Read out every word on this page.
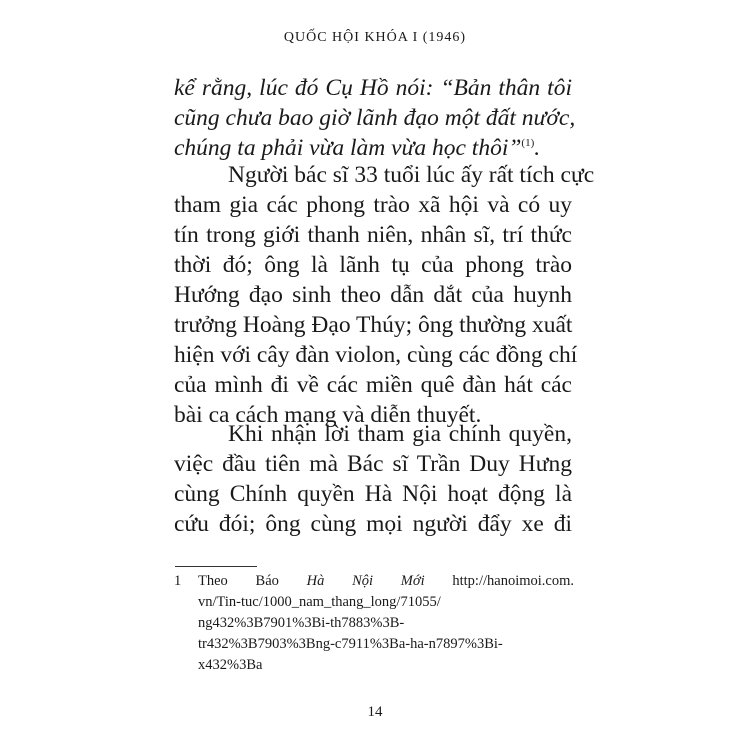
QUỐC HỘI KHÓA I (1946)
kể rằng, lúc đó Cụ Hồ nói: “Bản thân tôi
cũng chưa bao giờ lãnh đạo một đất nước,
chúng ta phải vừa làm vừa học thôi”$^{(1)}$.
Người bác sĩ 33 tuổi lúc ấy rất tích cực
tham gia các phong trào xã hội và có uy
tín trong giới thanh niên, nhân sĩ, trí thức
thời đó; ông là lãnh tụ của phong trào
Hướng đạo sinh theo dẫn dắt của huynh
trưởng Hoàng Đạo Thúy; ông thường xuất
hiện với cây đàn violon, cùng các đồng chí
của mình đi về các miền quê đàn hát các
bài ca cách mạng và diễn thuyết.
Khi nhận lời tham gia chính quyền,
việc đầu tiên mà Bác sĩ Trần Duy Hưng
cùng Chính quyền Hà Nội hoạt động là
cứu đói; ông cùng mọi người đẩy xe đi
1 Theo Báo Hà Nội Mới http://hanoimoi.com.
vn/Tin-tuc/1000_nam_thang_long/71055/
ng432%3B7901%3Bi-th7883%3B-
tr432%3B7903%3Bng-c7911%3Ba-ha-n7897%3Bi-
x432%3Ba
14
